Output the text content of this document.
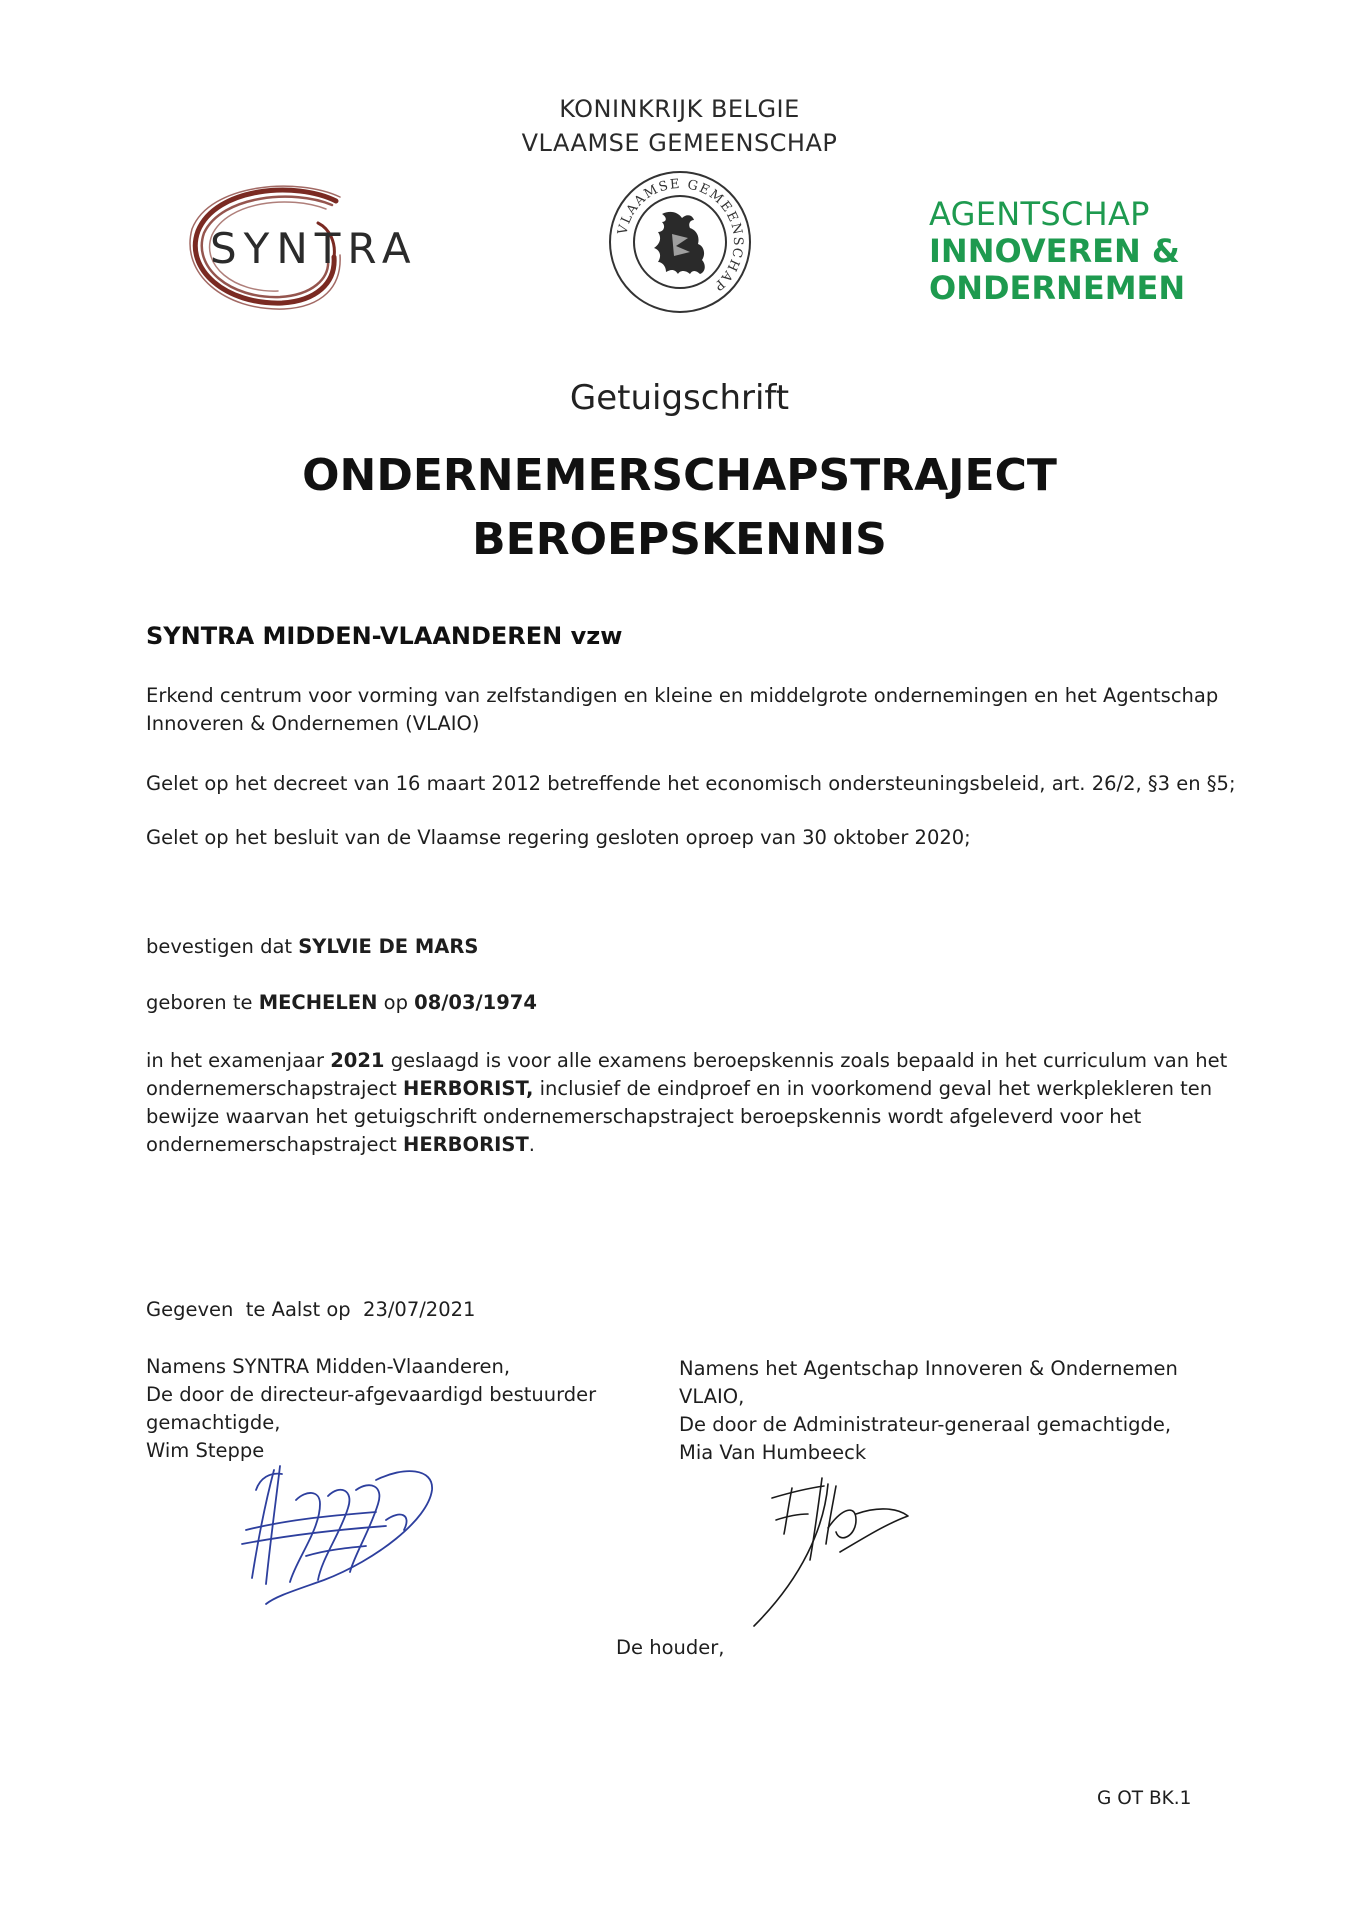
KONINKRIJK BELGIE
VLAAMSE GEMEENSCHAP
SYNTRA	VLAAMSE GEMEENSCHAP
AGENTSCHAP
INNOVEREN &
ONDERNEMEN
Getuigschrift
ONDERNEMERSCHAPSTRAJECT
BEROEPSKENNIS
SYNTRA MIDDEN-VLAANDEREN vzw
Erkend centrum voor vorming van zelfstandigen en kleine en middelgrote ondernemingen en het Agentschap
Innoveren & Ondernemen (VLAIO)
Gelet op het decreet van 16 maart 2012 betreffende het economisch ondersteuningsbeleid, art. 26/2, §3 en §5;
Gelet op het besluit van de Vlaamse regering gesloten oproep van 30 oktober 2020;
bevestigen dat SYLVIE DE MARS
geboren te MECHELEN op 08/03/1974
in het examenjaar 2021 geslaagd is voor alle examens beroepskennis zoals bepaald in het curriculum van het
ondernemerschapstraject HERBORIST, inclusief de eindproef en in voorkomend geval het werkplekleren ten
bewijze waarvan het getuigschrift ondernemerschapstraject beroepskennis wordt afgeleverd voor het
ondernemerschapstraject HERBORIST.
Gegeven  te Aalst op  23/07/2021
Namens SYNTRA Midden-Vlaanderen,
De door de directeur-afgevaardigd bestuurder
gemachtigde,
Wim Steppe
Namens het Agentschap Innoveren & Ondernemen
VLAIO,
De door de Administrateur-generaal gemachtigde,
Mia Van Humbeeck
De houder,
G OT BK.1
